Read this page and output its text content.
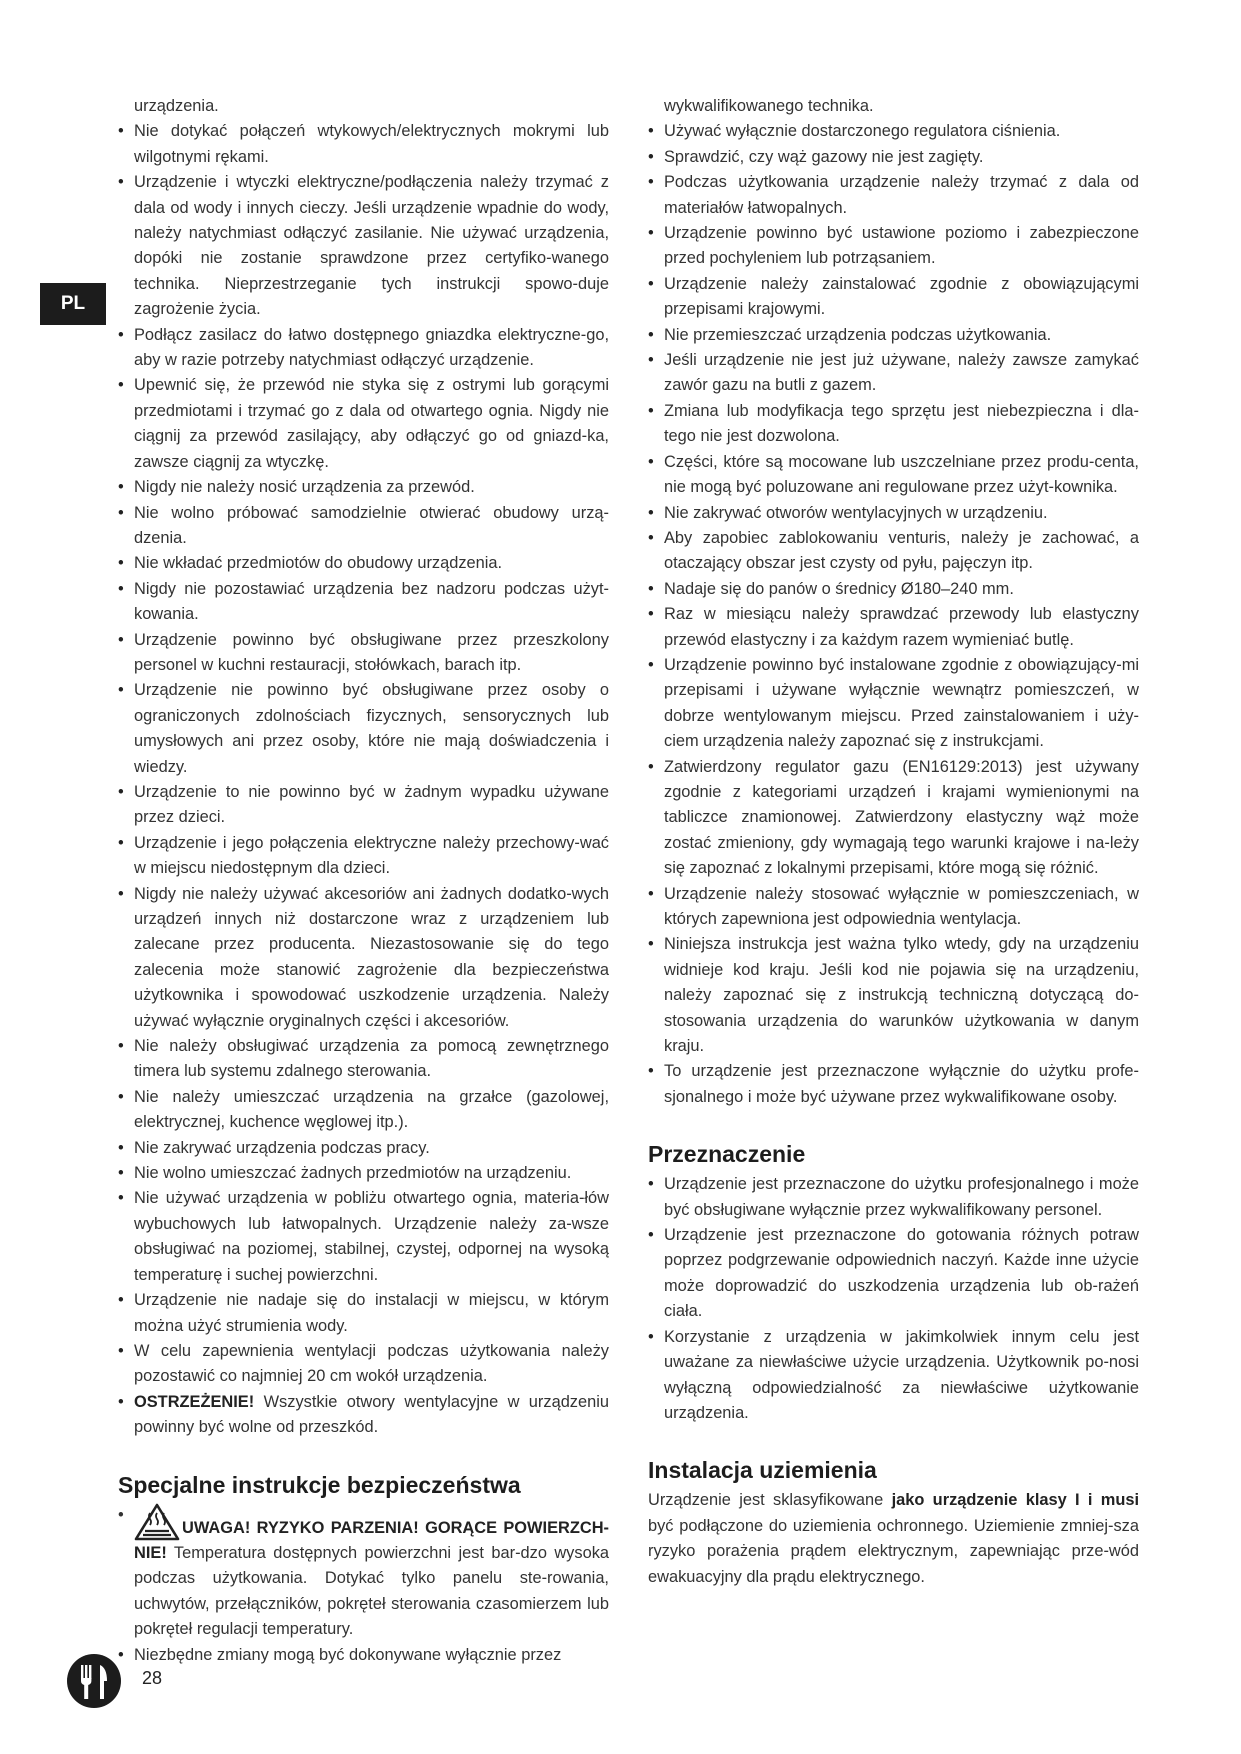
PL

urządzenia.

• Nie dotykać połączeń wtykowych/elektrycznych mokrymi lub wilgotnymi rękami.
• Urządzenie i wtyczki elektryczne/podłączenia należy trzymać z dala od wody i innych cieczy. Jeśli urządzenie wpadnie do wody, należy natychmiast odłączyć zasilanie. Nie używać urządzenia, dopóki nie zostanie sprawdzone przez certyfiko-wanego technika. Nieprzestrzeganie tych instrukcji spowo-duje zagrożenie życia.
• Podłącz zasilacz do łatwo dostępnego gniazdka elektryczne-go, aby w razie potrzeby natychmiast odłączyć urządzenie.
• Upewnić się, że przewód nie styka się z ostrymi lub gorącymi przedmiotami i trzymać go z dala od otwartego ognia. Nigdy nie ciągnij za przewód zasilający, aby odłączyć go od gniazd-ka, zawsze ciągnij za wtyczkę.
• Nigdy nie należy nosić urządzenia za przewód.
• Nie wolno próbować samodzielnie otwierać obudowy urzą-dzenia.
• Nie wkładać przedmiotów do obudowy urządzenia.
• Nigdy nie pozostawiać urządzenia bez nadzoru podczas użyt-kowania.
• Urządzenie powinno być obsługiwane przez przeszkolony personel w kuchni restauracji, stołówkach, barach itp.
• Urządzenie nie powinno być obsługiwane przez osoby o ograniczonych zdolnościach fizycznych, sensorycznych lub umysłowych ani przez osoby, które nie mają doświadczenia i wiedzy.
• Urządzenie to nie powinno być w żadnym wypadku używane przez dzieci.
• Urządzenie i jego połączenia elektryczne należy przechowy-wać w miejscu niedostępnym dla dzieci.
• Nigdy nie należy używać akcesoriów ani żadnych dodatko-wych urządzeń innych niż dostarczone wraz z urządzeniem lub zalecane przez producenta. Niezastosowanie się do tego zalecenia może stanowić zagrożenie dla bezpieczeństwa użytkownika i spowodować uszkodzenie urządzenia. Należy używać wyłącznie oryginalnych części i akcesoriów.
• Nie należy obsługiwać urządzenia za pomocą zewnętrznego timera lub systemu zdalnego sterowania.
• Nie należy umieszczać urządzenia na grzałce (gazolowej, elektrycznej, kuchence węglowej itp.).
• Nie zakrywać urządzenia podczas pracy.
• Nie wolno umieszczać żadnych przedmiotów na urządzeniu.
• Nie używać urządzenia w pobliżu otwartego ognia, materia-łów wybuchowych lub łatwopalnych. Urządzenie należy za-wsze obsługiwać na poziomej, stabilnej, czystej, odpornej na wysoką temperaturę i suchej powierzchni.
• Urządzenie nie nadaje się do instalacji w miejscu, w którym można użyć strumienia wody.
• W celu zapewnienia wentylacji podczas użytkowania należy pozostawić co najmniej 20 cm wokół urządzenia.
• OSTRZEŻENIE! Wszystkie otwory wentylacyjne w urządzeniu powinny być wolne od przeszkód.
Specjalne instrukcje bezpieczeństwa
• UWAGA! RYZYKO PARZENIA! GORĄCE POWIERZCH-NIE! Temperatura dostępnych powierzchni jest bar-dzo wysoka podczas użytkowania. Dotykać tylko panelu ste-rowania, uchwytów, przełączników, pokręteł sterowania czasomierzem lub pokręteł regulacji temperatury.
• Niezbędne zmiany mogą być dokonywane wyłącznie przez

wykwalifikowanego technika.

• Używać wyłącznie dostarczonego regulatora ciśnienia.
• Sprawdzić, czy wąż gazowy nie jest zagięty.
• Podczas użytkowania urządzenie należy trzymać z dala od materiałów łatwopalnych.
• Urządzenie powinno być ustawione poziomo i zabezpieczone przed pochyleniem lub potrząsaniem.
• Urządzenie należy zainstalować zgodnie z obowiązującymi przepisami krajowymi.
• Nie przemieszczać urządzenia podczas użytkowania.
• Jeśli urządzenie nie jest już używane, należy zawsze zamykać zawór gazu na butli z gazem.
• Zmiana lub modyfikacja tego sprzętu jest niebezpieczna i dla-tego nie jest dozwolona.
• Części, które są mocowane lub uszczelniane przez produ-centa, nie mogą być poluzowane ani regulowane przez użyt-kownika.
• Nie zakrywać otworów wentylacyjnych w urządzeniu.
• Aby zapobiec zablokowaniu venturis, należy je zachować, a otaczający obszar jest czysty od pyłu, pajęczyn itp.
• Nadaje się do panów o średnicy Ø180–240 mm.
• Raz w miesiącu należy sprawdzać przewody lub elastyczny przewód elastyczny i za każdym razem wymieniać butlę.
• Urządzenie powinno być instalowane zgodnie z obowiązujący-mi przepisami i używane wyłącznie wewnątrz pomieszczeń, w dobrze wentylowanym miejscu. Przed zainstalowaniem i uży-ciem urządzenia należy zapoznać się z instrukcjami.
• Zatwierdzony regulator gazu (EN16129:2013) jest używany zgodnie z kategoriami urządzeń i krajami wymienionymi na tabliczce znamionowej. Zatwierdzony elastyczny wąż może zostać zmieniony, gdy wymagają tego warunki krajowe i na-leży się zapoznać z lokalnymi przepisami, które mogą się różnić.
• Urządzenie należy stosować wyłącznie w pomieszczeniach, w których zapewniona jest odpowiednia wentylacja.
• Niniejsza instrukcja jest ważna tylko wtedy, gdy na urządzeniu widnieje kod kraju. Jeśli kod nie pojawia się na urządzeniu, należy zapoznać się z instrukcją techniczną dotyczącą do-stosowania urządzenia do warunków użytkowania w danym kraju.
• To urządzenie jest przeznaczone wyłącznie do użytku profe-sjonalnego i może być używane przez wykwalifikowane osoby.
Przeznaczenie
• Urządzenie jest przeznaczone do użytku profesjonalnego i może być obsługiwane wyłącznie przez wykwalifikowany personel.
• Urządzenie jest przeznaczone do gotowania różnych potraw poprzez podgrzewanie odpowiednich naczyń. Każde inne użycie może doprowadzić do uszkodzenia urządzenia lub ob-rażeń ciała.
• Korzystanie z urządzenia w jakimkolwiek innym celu jest uważane za niewłaściwe użycie urządzenia. Użytkownik po-nosi wyłączną odpowiedzialność za niewłaściwe użytkowanie urządzenia.
Instalacja uziemienia

Urządzenie jest sklasyfikowane jako urządzenie klasy I i musi być podłączone do uziemienia ochronnego. Uziemienie zmniej-sza ryzyko porażenia prądem elektrycznym, zapewniając prze-wód ewakuacyjny dla prądu elektrycznego.

28
